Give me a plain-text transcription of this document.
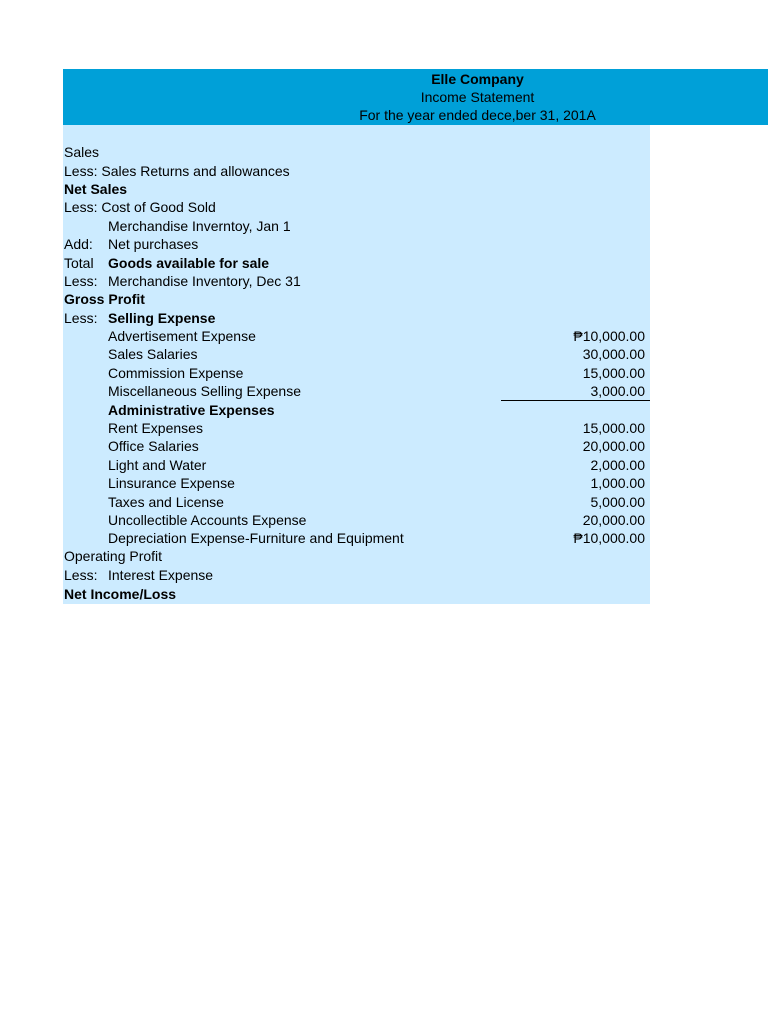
Elle Company
Income Statement
For the year ended dece,ber 31, 201A
Sales
Less: Sales Returns and allowances
Net Sales
Less: Cost of Good Sold
Merchandise Inverntoy, Jan 1
Add: Net purchases
Total Goods available for sale
Less: Merchandise Inventory, Dec 31
Gross Profit
Less: Selling Expense
Advertisement Expense	₱10,000.00
Sales Salaries	30,000.00
Commission Expense	15,000.00
Miscellaneous Selling Expense	3,000.00
Administrative Expenses
Rent Expenses	15,000.00
Office Salaries	20,000.00
Light and Water	2,000.00
Linsurance Expense	1,000.00
Taxes and License	5,000.00
Uncollectible Accounts Expense	20,000.00
Depreciation Expense-Furniture and Equipment	₱10,000.00
Operating Profit
Less: Interest Expense
Net Income/Loss
